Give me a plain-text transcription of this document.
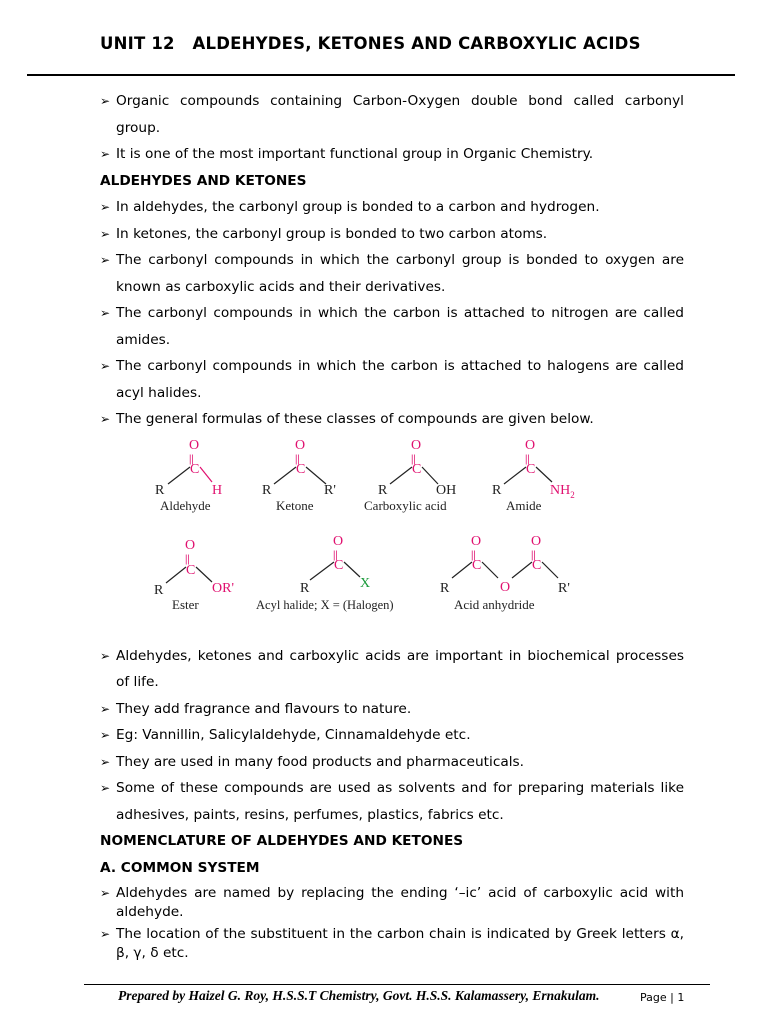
UNIT 12   ALDEHYDES, KETONES AND CARBOXYLIC ACIDS
➢ Organic compounds containing Carbon-Oxygen double bond called carbonyl group.
➢ It is one of the most important functional group in Organic Chemistry.
ALDEHYDES AND KETONES
➢ In aldehydes, the carbonyl group is bonded to a carbon and hydrogen.
➢ In ketones, the carbonyl group is bonded to two carbon atoms.
➢ The carbonyl compounds in which the carbonyl group is bonded to oxygen are known as carboxylic acids and their derivatives.
➢ The carbonyl compounds in which the carbon is attached to nitrogen are called amides.
➢ The carbonyl compounds in which the carbon is attached to halogens are called acyl halides.
➢ The general formulas of these classes of compounds are given below.
O
||
C
R	H
Aldehyde
O
||
C
R	R'
Ketone
O
||
C
R	OH
Carboxylic acid
O
||
C
R	$NH_2$
Amide
O
||
C
R	OR'
Ester
O
||
C
R	X
Acyl halide; X = (Halogen)
O
||
C
O
||
C
O
R	R'
Acid anhydride
➢ Aldehydes, ketones and carboxylic acids are important in biochemical processes of life.
➢ They add fragrance and flavours to nature.
➢ Eg: Vannillin, Salicylaldehyde, Cinnamaldehyde etc.
➢ They are used in many food products and pharmaceuticals.
➢ Some of these compounds are used as solvents and for preparing materials like adhesives, paints, resins, perfumes, plastics, fabrics etc.
NOMENCLATURE OF ALDEHYDES AND KETONES
A. COMMON SYSTEM
➢ Aldehydes are named by replacing the ending ‘–ic’ acid of carboxylic acid with aldehyde.
➢ The location of the substituent in the carbon chain is indicated by Greek letters α, β, γ, δ etc.
Prepared by Haizel G. Roy, H.S.S.T Chemistry, Govt. H.S.S. Kalamassery, Ernakulam.	Page | 1
